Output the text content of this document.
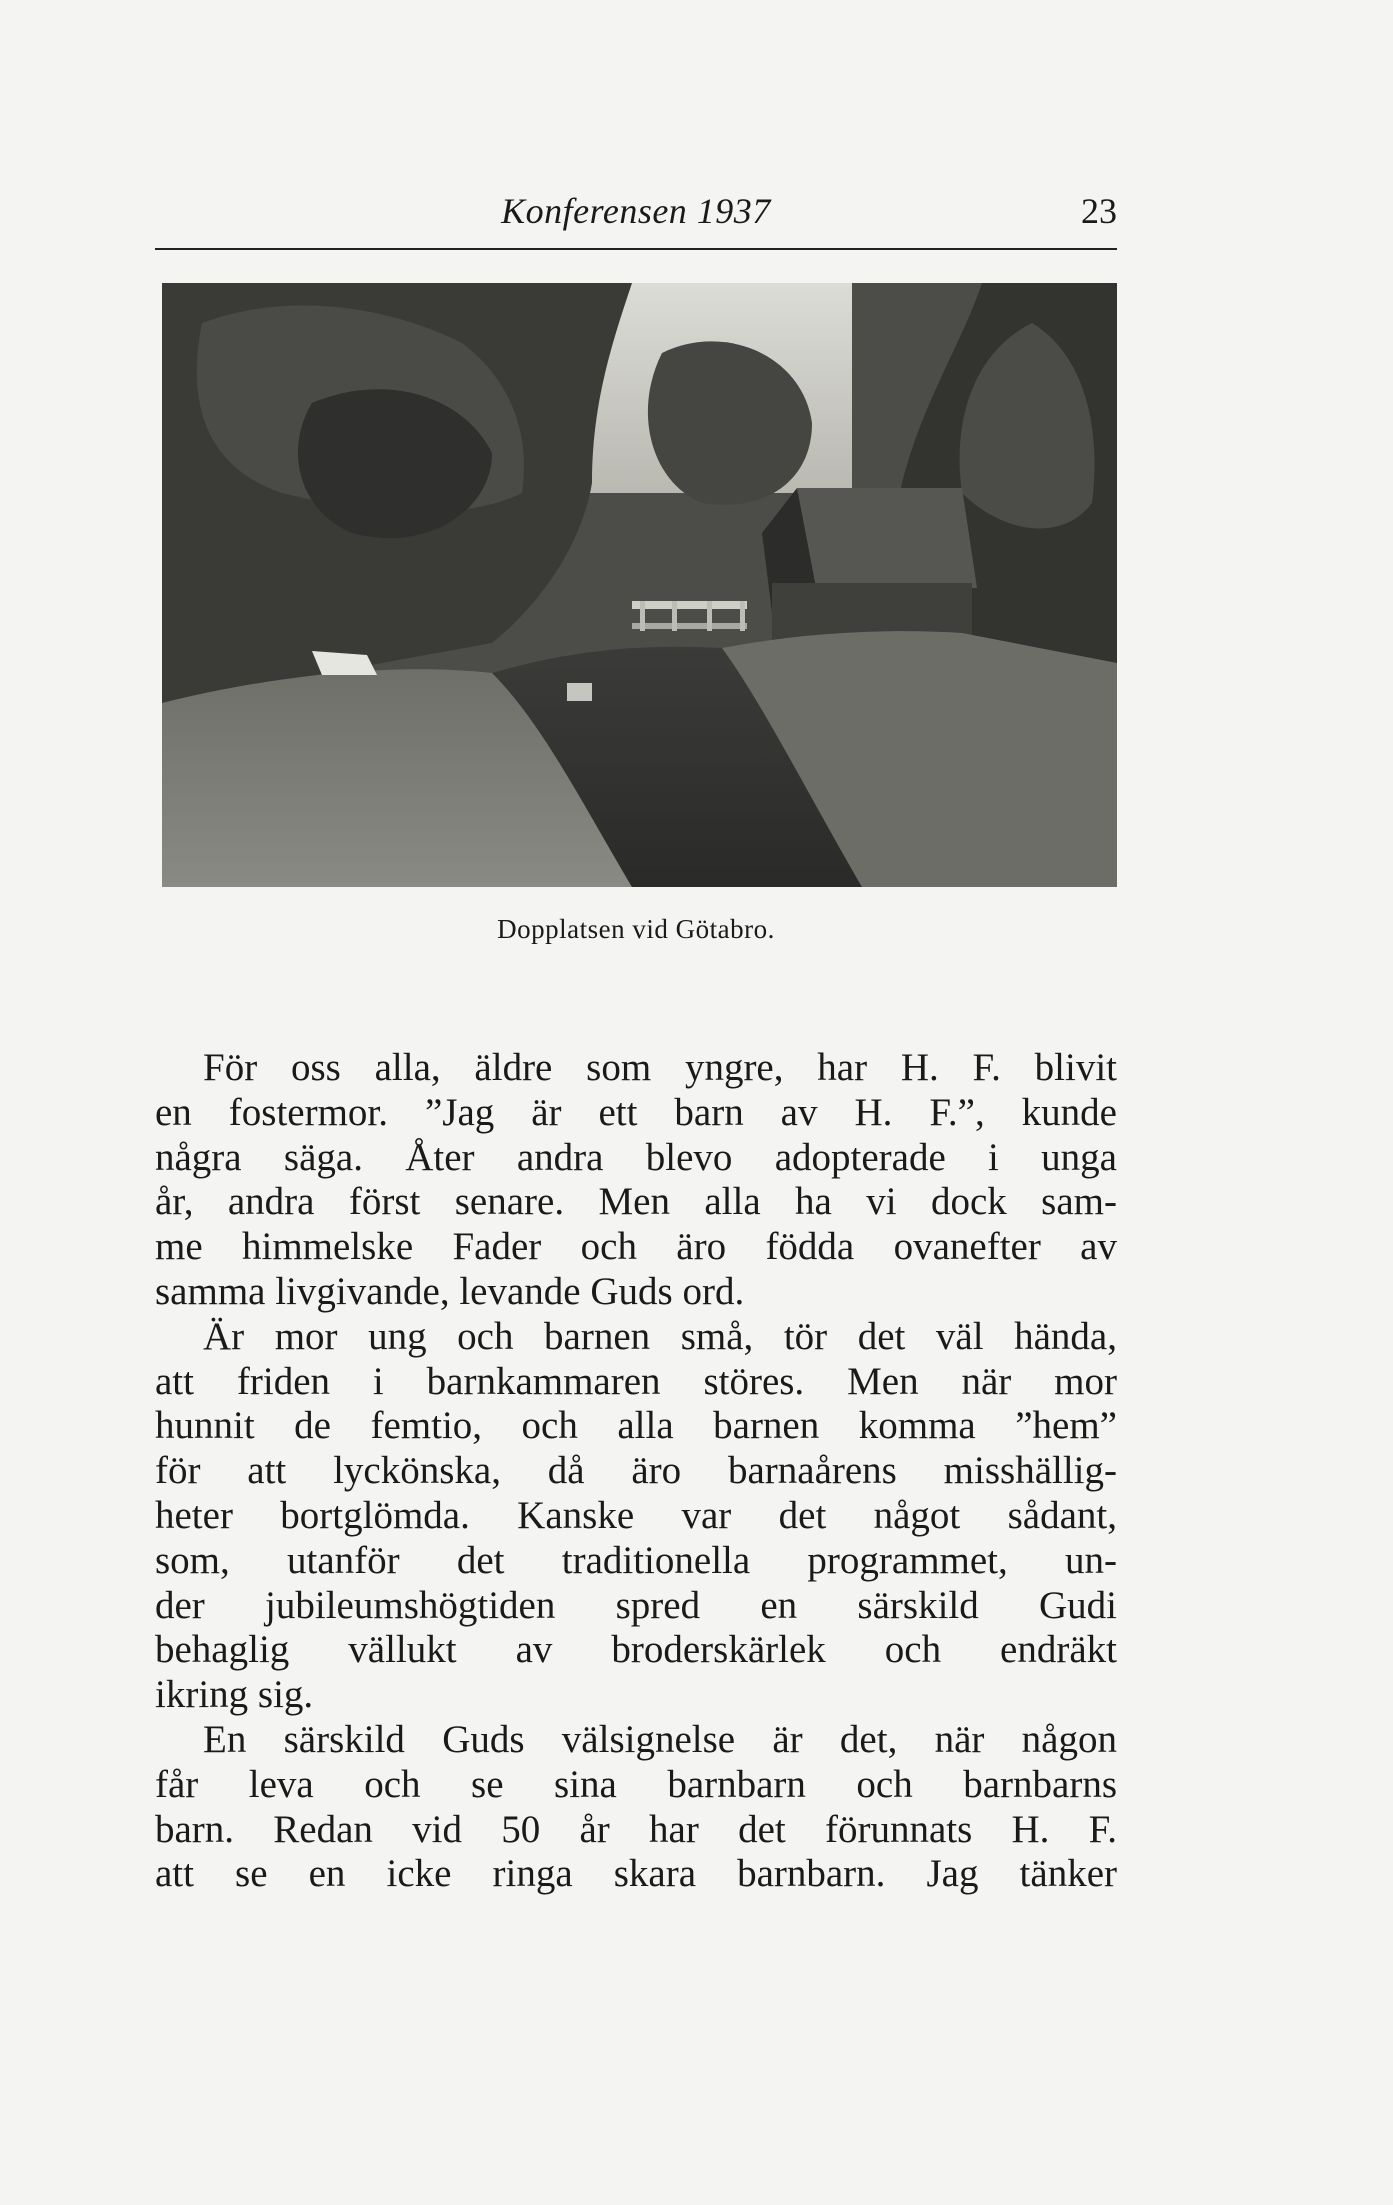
Konferensen 1937	23
Dopplatsen vid Götabro.
För oss alla, äldre som yngre, har H. F. blivit
en fostermor. ”Jag är ett barn av H. F.”, kunde
några säga. Åter andra blevo adopterade i unga
år, andra först senare. Men alla ha vi dock sam-
me himmelske Fader och äro födda ovanefter av
samma livgivande, levande Guds ord.
Är mor ung och barnen små, tör det väl hända,
att friden i barnkammaren störes. Men när mor
hunnit de femtio, och alla barnen komma ”hem”
för att lyckönska, då äro barnaårens misshällig-
heter bortglömda. Kanske var det något sådant,
som, utanför det traditionella programmet, un-
der jubileumshögtiden spred en särskild Gudi
behaglig vällukt av broderskärlek och endräkt
ikring sig.
En särskild Guds välsignelse är det, när någon
får leva och se sina barnbarn och barnbarns
barn. Redan vid 50 år har det förunnats H. F.
att se en icke ringa skara barnbarn. Jag tänker
